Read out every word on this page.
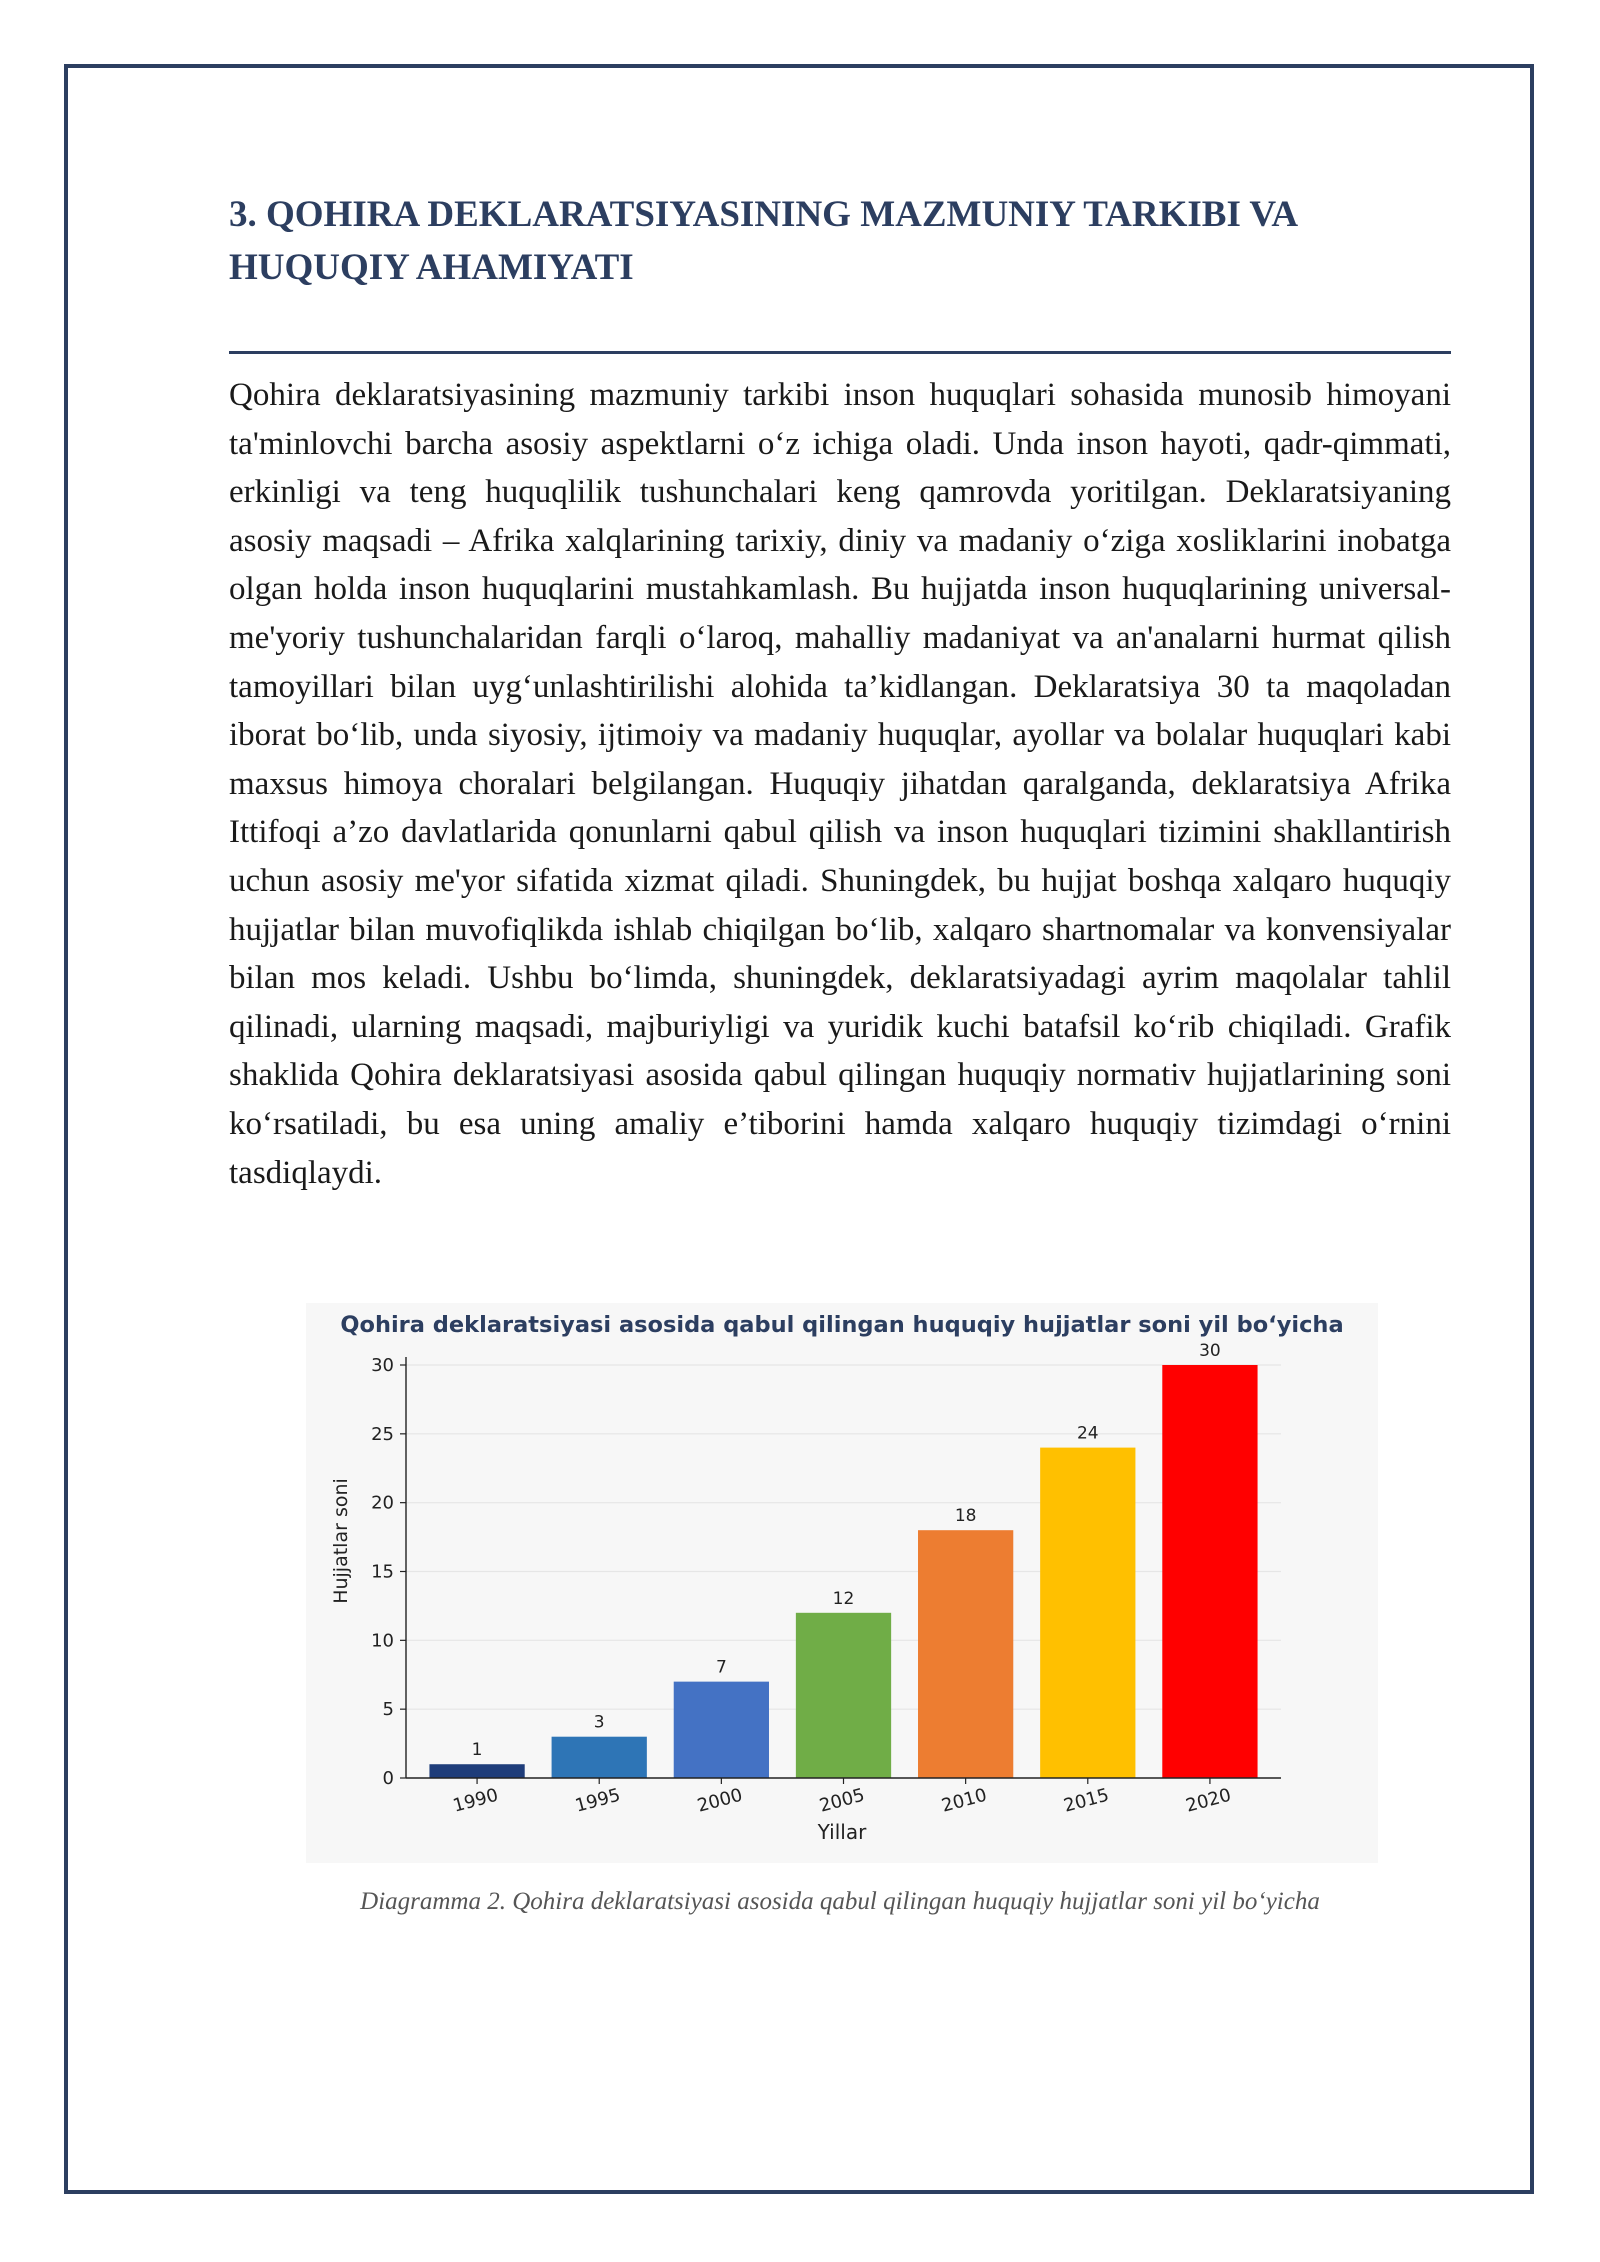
3. QOHIRA DEKLARATSIYASINING MAZMUNIY TARKIBI VA HUQUQIY AHAMIYATI

Qohira deklaratsiyasining mazmuniy tarkibi inson huquqlari sohasida munosib himoyani ta'minlovchi barcha asosiy aspektlarni o‘z ichiga oladi. Unda inson hayoti, qadr-qimmati, erkinligi va teng huquqlilik tushunchalari keng qamrovda yoritilgan. Deklaratsiyaning asosiy maqsadi – Afrika xalqlarining tarixiy, diniy va madaniy o‘ziga xosliklarini inobatga olgan holda inson huquqlarini mustahkamlash. Bu hujjatda inson huquqlarining universal-me'yoriy tushunchalaridan farqli o‘laroq, mahalliy madaniyat va an'analarni hurmat qilish tamoyillari bilan uyg‘unlashtirilishi alohida ta’kidlangan. Deklaratsiya 30 ta maqoladan iborat bo‘lib, unda siyosiy, ijtimoiy va madaniy huquqlar, ayollar va bolalar huquqlari kabi maxsus himoya choralari belgilangan. Huquqiy jihatdan qaralganda, deklaratsiya Afrika Ittifoqi a’zo davlatlarida qonunlarni qabul qilish va inson huquqlari tizimini shakllantirish uchun asosiy me'yor sifatida xizmat qiladi. Shuningdek, bu hujjat boshqa xalqaro huquqiy hujjatlar bilan muvofiqlikda ishlab chiqilgan bo‘lib, xalqaro shartnomalar va konvensiyalar bilan mos keladi. Ushbu bo‘limda, shuningdek, deklaratsiyadagi ayrim maqolalar tahlil qilinadi, ularning maqsadi, majburiyligi va yuridik kuchi batafsil ko‘rib chiqiladi. Grafik shaklida Qohira deklaratsiyasi asosida qabul qilingan huquqiy normativ hujjatlarining soni ko‘rsatiladi, bu esa uning amaliy e’tiborini hamda xalqaro huquqiy tizimdagi o‘rnini tasdiqlaydi.

Qohira deklaratsiyasi asosida qabul qilingan huquqiy hujjatlar soni yil bo‘yicha
0
5
10
15
20
25
30
1990	1995	2000	2005	2010	2015	2020
1
3
7
12
18
24
30
Yillar
Hujjatlar soni

Diagramma 2. Qohira deklaratsiyasi asosida qabul qilingan huquqiy hujjatlar soni yil bo‘yicha
